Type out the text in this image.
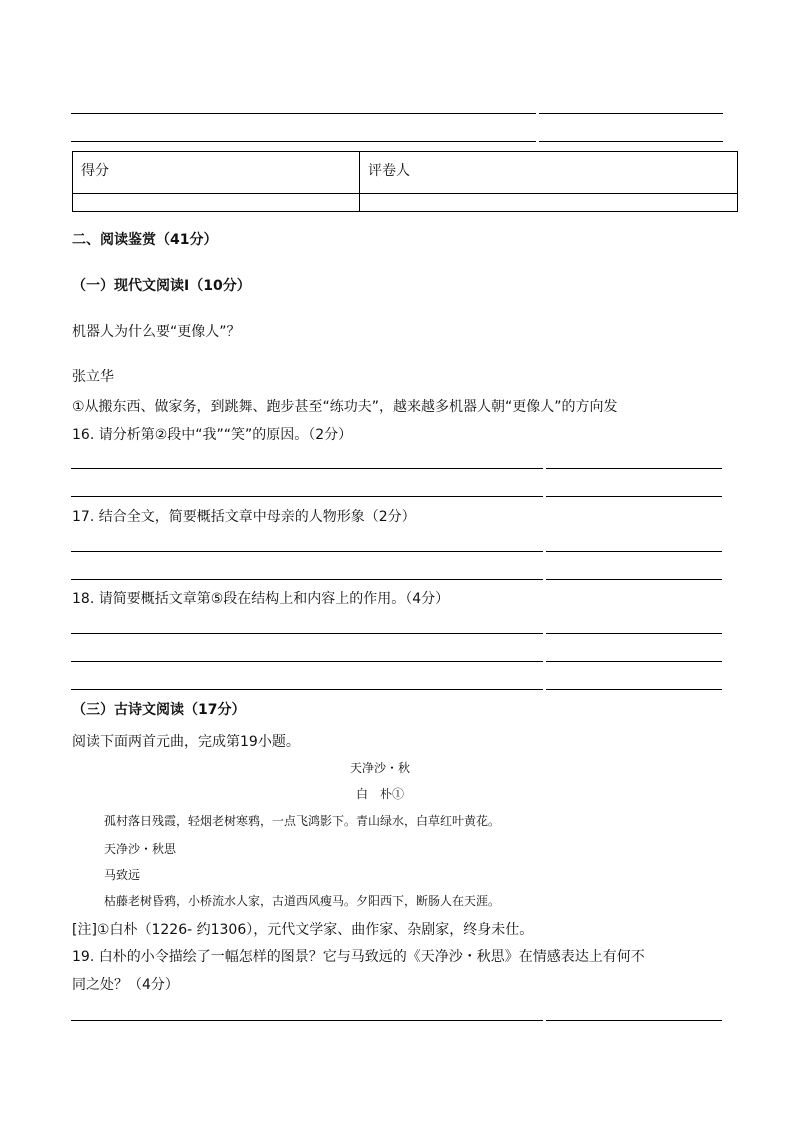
得分	评卷人

二、阅读鉴赏（41分）
（一）现代文阅读Ⅰ（10分）
机器人为什么要“更像人”？
张立华
①从搬东西、做家务，到跳舞、跑步甚至“练功夫”，越来越多机器人朝“更像人”的方向发
16. 请分析第②段中“我”“笑”的原因。（2分）
17. 结合全文，简要概括文章中母亲的人物形象（2分）
18. 请简要概括文章第⑤段在结构上和内容上的作用。（4分）
（三）古诗文阅读（17分）
阅读下面两首元曲，完成第19小题。
天净沙・秋
白　朴①
孤村落日残霞，轻烟老树寒鸦，一点飞鸿影下。青山绿水，白草红叶黄花。
天净沙・秋思
马致远
枯藤老树昏鸦，小桥流水人家，古道西风瘦马。夕阳西下，断肠人在天涯。
[注]①白朴（1226- 约1306），元代文学家、曲作家、杂剧家，终身未仕。
19. 白朴的小令描绘了一幅怎样的图景？它与马致远的《天净沙・秋思》在情感表达上有何不
同之处？（4分）
